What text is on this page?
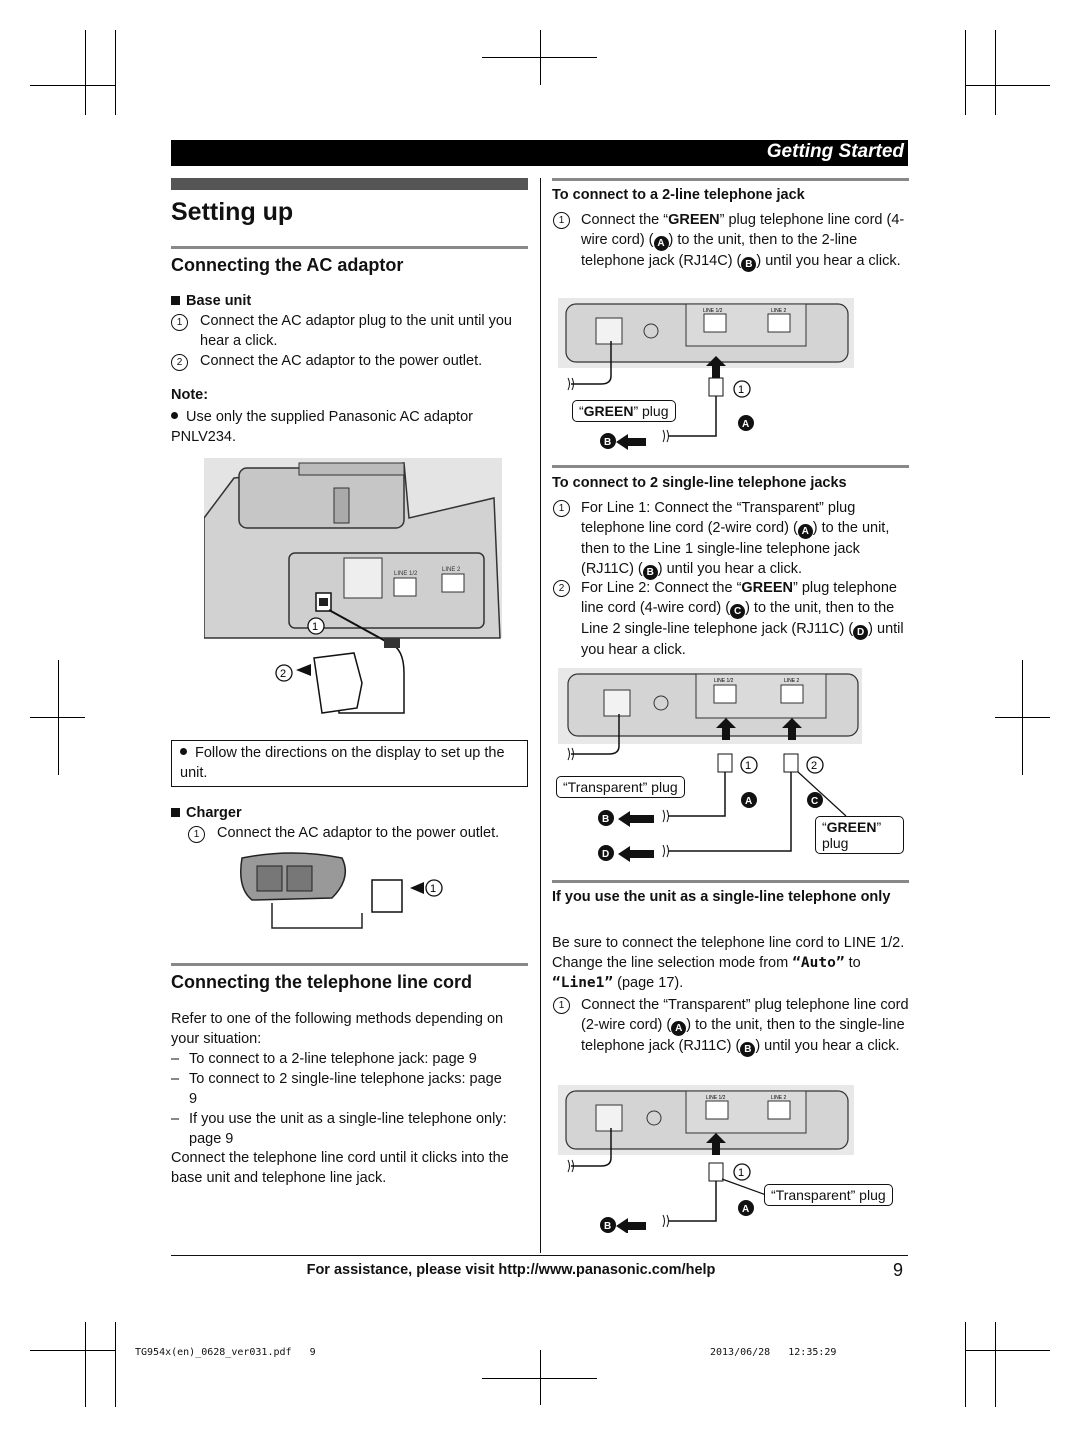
Getting Started
Setting up
Connecting the AC adaptor
Base unit
1	Connect the AC adaptor plug to the unit until you hear a click.
2	Connect the AC adaptor to the power outlet.
Note:
Use only the supplied Panasonic AC adaptor PNLV234.
LINE 1/2
LINE 2
1
2
Follow the directions on the display to set up the unit.
Charger
1	Connect the AC adaptor to the power outlet.
1
Connecting the telephone line cord
Refer to one of the following methods depending on your situation:
– To connect to a 2-line telephone jack: page 9
– To connect to 2 single-line telephone jacks: page 9
– If you use the unit as a single-line telephone only: page 9
Connect the telephone line cord until it clicks into the base unit and telephone line jack.
To connect to a 2-line telephone jack
1	Connect the “GREEN” plug telephone line cord (4-wire cord) ( A ) to the unit, then to the 2-line telephone jack (RJ14C) ( B ) until you hear a click.
LINE 1/2	LINE 2
1
A
B
“GREEN” plug
To connect to 2 single-line telephone jacks
1	For Line 1: Connect the “Transparent” plug telephone line cord (2-wire cord) ( A ) to the unit, then to the Line 1 single-line telephone jack (RJ11C) ( B ) until you hear a click.
2	For Line 2: Connect the “GREEN” plug telephone line cord (4-wire cord) ( C ) to the unit, then to the Line 2 single-line telephone jack (RJ11C) ( D ) until you hear a click.
LINE 1/2	LINE 2
1	2
A	C
B
D
“Transparent” plug
“GREEN”
plug
If you use the unit as a single-line telephone only
Be sure to connect the telephone line cord to LINE 1/2. Change the line selection mode from “Auto” to “Line1” (page 17).
1	Connect the “Transparent” plug telephone line cord (2-wire cord) ( A ) to the unit, then to the single-line telephone jack (RJ11C) ( B ) until you hear a click.
LINE 1/2	LINE 2
1
A
B
“Transparent” plug
For assistance, please visit http://www.panasonic.com/help	9
TG954x(en)_0628_ver031.pdf   9	2013/06/28   12:35:29
